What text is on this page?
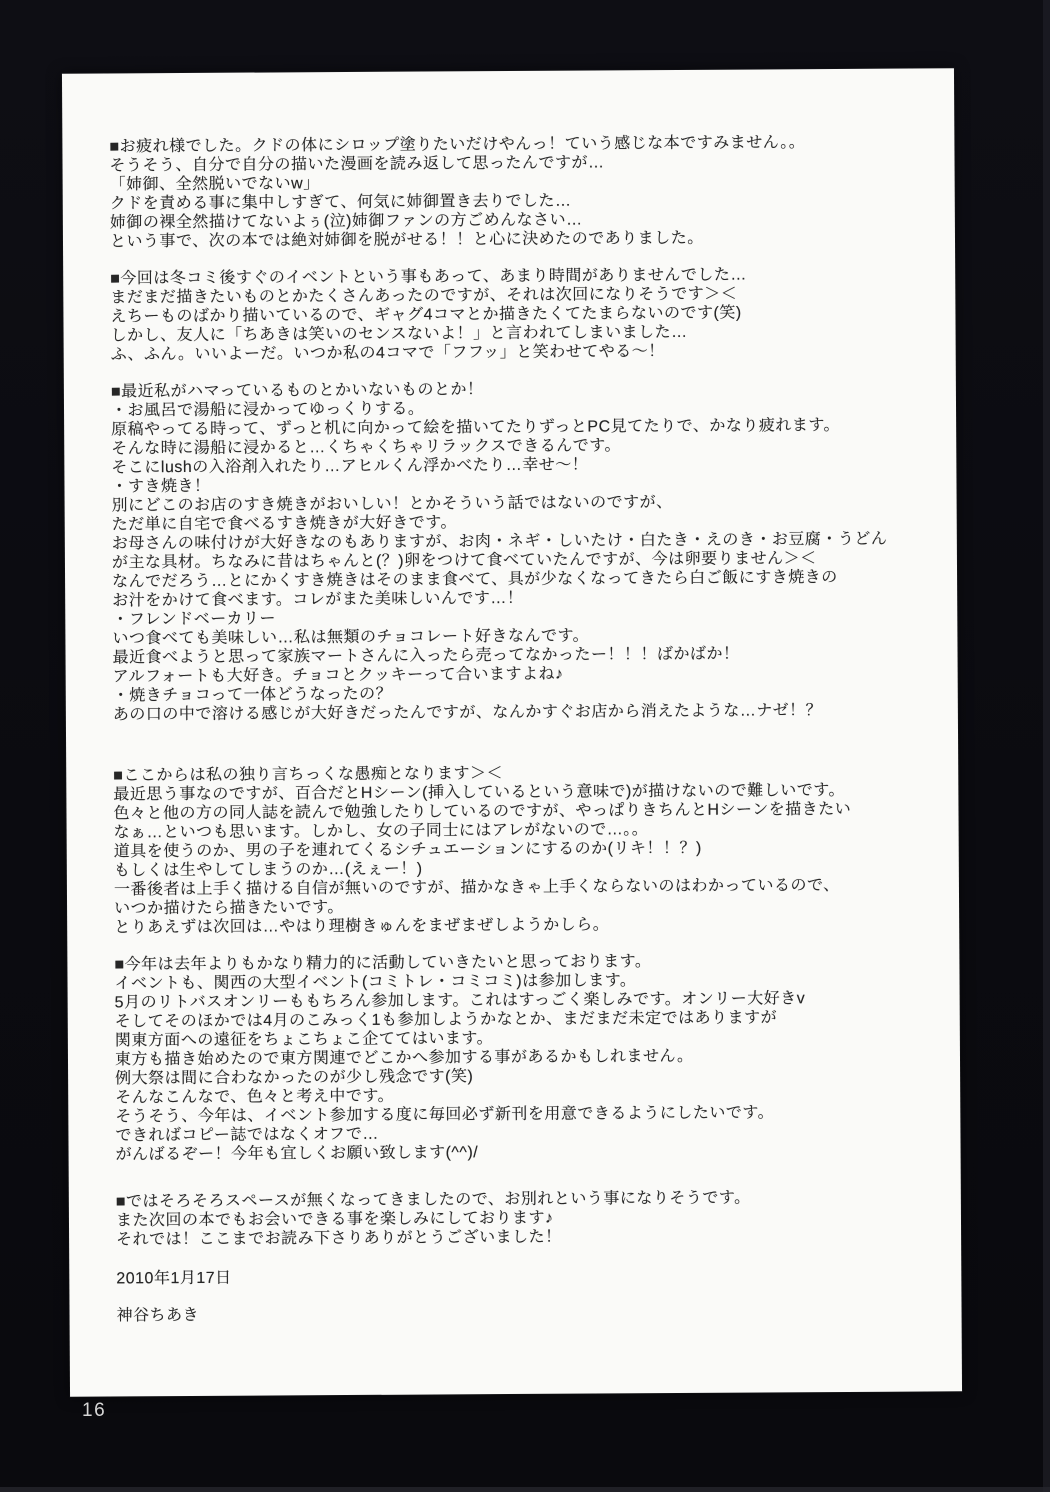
■お疲れ様でした。クドの体にシロップ塗りたいだけやんっ！ていう感じな本ですみません。。
そうそう、自分で自分の描いた漫画を読み返して思ったんですが…
「姉御、全然脱いでないw」
クドを責める事に集中しすぎて、何気に姉御置き去りでした…
姉御の裸全然描けてないよぅ(泣)姉御ファンの方ごめんなさい…
という事で、次の本では絶対姉御を脱がせる！！と心に決めたのでありました。
■今回は冬コミ後すぐのイベントという事もあって、あまり時間がありませんでした…
まだまだ描きたいものとかたくさんあったのですが、それは次回になりそうです＞＜
えちーものばかり描いているので、ギャグ4コマとか描きたくてたまらないのです(笑)
しかし、友人に「ちあきは笑いのセンスないよ！」と言われてしまいました…
ふ、ふん。いいよーだ。いつか私の4コマで「フフッ」と笑わせてやる～！
■最近私がハマっているものとかいないものとか！
・お風呂で湯船に浸かってゆっくりする。
原稿やってる時って、ずっと机に向かって絵を描いてたりずっとPC見てたりで、かなり疲れます。
そんな時に湯船に浸かると…くちゃくちゃリラックスできるんです。
そこにlushの入浴剤入れたり…アヒルくん浮かべたり…幸せ～！
・すき焼き！
別にどこのお店のすき焼きがおいしい！とかそういう話ではないのですが、
ただ単に自宅で食べるすき焼きが大好きです。
お母さんの味付けが大好きなのもありますが、お肉・ネギ・しいたけ・白たき・えのき・お豆腐・うどん
が主な具材。ちなみに昔はちゃんと(？)卵をつけて食べていたんですが、今は卵要りません＞＜
なんでだろう…とにかくすき焼きはそのまま食べて、具が少なくなってきたら白ご飯にすき焼きの
お汁をかけて食べます。コレがまた美味しいんです…！
・フレンドベーカリー
いつ食べても美味しい…私は無類のチョコレート好きなんです。
最近食べようと思って家族マートさんに入ったら売ってなかったー！！！ばかばか！
アルフォートも大好き。チョコとクッキーって合いますよね♪
・焼きチョコって一体どうなったの？
あの口の中で溶ける感じが大好きだったんですが、なんかすぐお店から消えたような…ナゼ！？
■ここからは私の独り言ちっくな愚痴となります＞＜
最近思う事なのですが、百合だとHシーン(挿入しているという意味で)が描けないので難しいです。
色々と他の方の同人誌を読んで勉強したりしているのですが、やっぱりきちんとHシーンを描きたい
なぁ…といつも思います。しかし、女の子同士にはアレがないので…。。
道具を使うのか、男の子を連れてくるシチュエーションにするのか(リキ！！？)
もしくは生やしてしまうのか…(えぇー！)
一番後者は上手く描ける自信が無いのですが、描かなきゃ上手くならないのはわかっているので、
いつか描けたら描きたいです。
とりあえずは次回は…やはり理樹きゅんをまぜまぜしようかしら。
■今年は去年よりもかなり精力的に活動していきたいと思っております。
イベントも、関西の大型イベント(コミトレ・コミコミ)は参加します。
5月のリトバスオンリーももちろん参加します。これはすっごく楽しみです。オンリー大好きv
そしてそのほかでは4月のこみっく1も参加しようかなとか、まだまだ未定ではありますが
関東方面への遠征をちょこちょこ企ててはいます。
東方も描き始めたので東方関連でどこかへ参加する事があるかもしれません。
例大祭は間に合わなかったのが少し残念です(笑)
そんなこんなで、色々と考え中です。
そうそう、今年は、イベント参加する度に毎回必ず新刊を用意できるようにしたいです。
できればコピー誌ではなくオフで…
がんばるぞー！今年も宜しくお願い致します(^^)/
■ではそろそろスペースが無くなってきましたので、お別れという事になりそうです。
また次回の本でもお会いできる事を楽しみにしております♪
それでは！ここまでお読み下さりありがとうございました！
2010年1月17日
神谷ちあき
16
